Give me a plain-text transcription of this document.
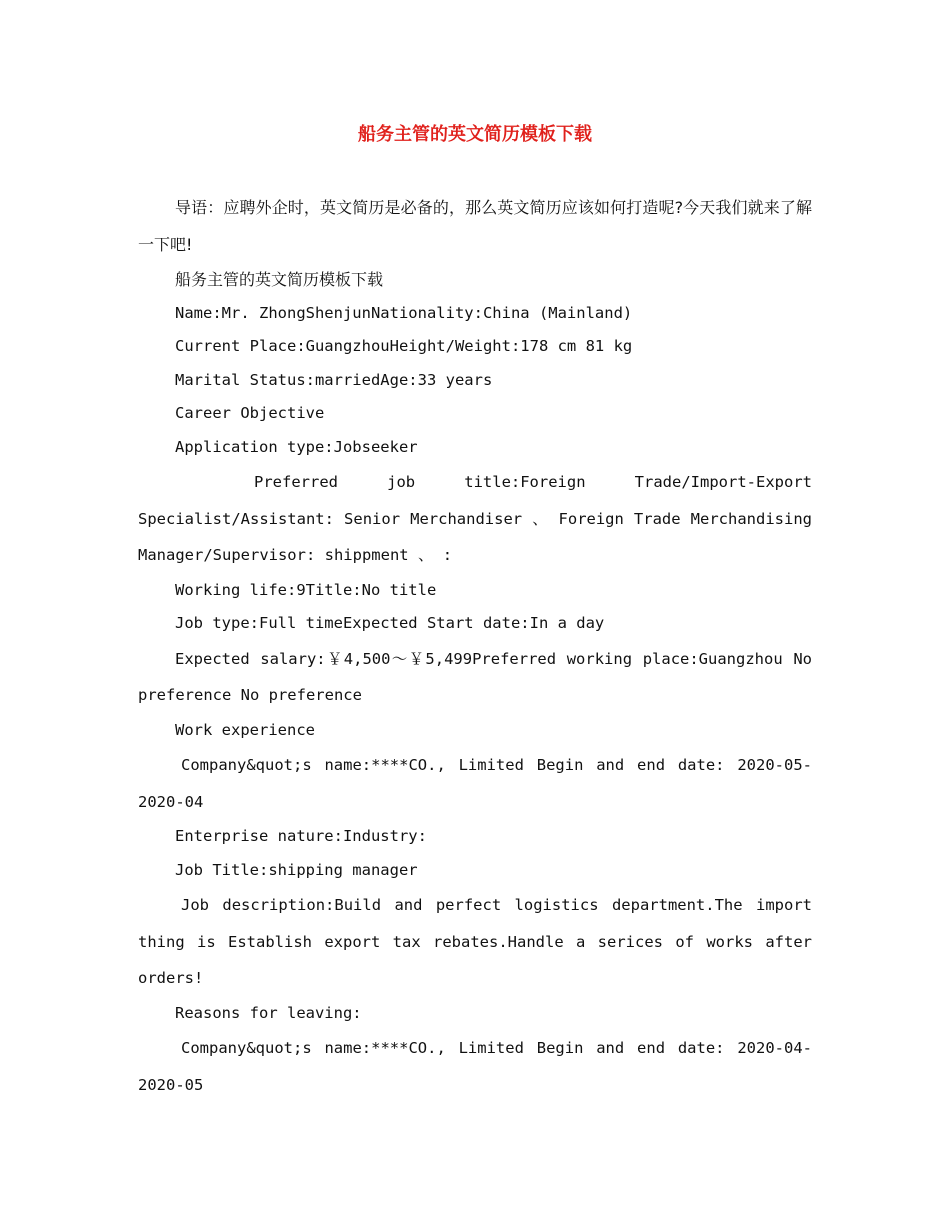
船务主管的英文简历模板下载

导语：应聘外企时，英文简历是必备的，那么英文简历应该如何打造呢?今天我们就来了解一下吧!

船务主管的英文简历模板下载

Name:Mr. ZhongShenjunNationality:China (Mainland)

Current Place:GuangzhouHeight/Weight:178 cm 81 kg

Marital Status:marriedAge:33 years

Career Objective

Application type:Jobseeker

Preferred job title:Foreign Trade/Import-Export Specialist/Assistant: Senior Merchandiser 、 Foreign Trade Merchandising Manager/Supervisor: shippment 、 :

Working life:9Title:No title

Job type:Full timeExpected Start date:In a day

Expected salary:￥4,500～￥5,499Preferred working place:Guangzhou No preference No preference

Work experience

Company&quot;s name:****CO., Limited Begin and end date: 2020-05-2020-04

Enterprise nature:Industry:

Job Title:shipping manager

Job description:Build and perfect logistics department.The import thing is Establish export tax rebates.Handle a serices of works after orders!

Reasons for leaving:

Company&quot;s name:****CO., Limited Begin and end date: 2020-04-2020-05
